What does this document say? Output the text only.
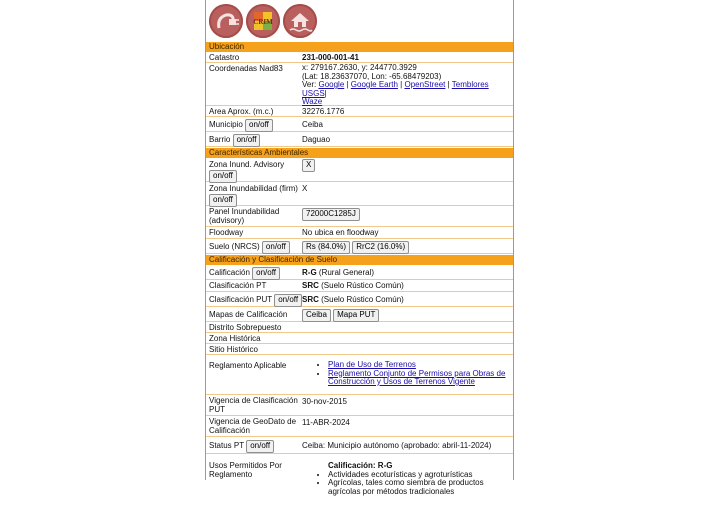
CRIM
Ubicación
Catastro	231-000-001-41
Coordenadas Nad83	x: 279167.2630, y: 244770.3929
(Lat: 18.23637070, Lon: -65.68479203)
Ver: Google | Google Earth | OpenStreet | Temblores USGS|
Waze
Area Aprox. (m.c.)	32276.1776
Municipio on/off	Ceiba
Barrio on/off	Daguao
Características Ambientales
Zona Inund. Advisory
on/off
X
Zona Inundabilidad (firm)
on/off
X
Panel Inundabilidad (advisory)
72000C1285J
Floodway	No ubica en floodway
Suelo (NRCS) on/off	Rs (84.0%) RrC2 (16.0%)
Calificación y Clasificación de Suelo
Calificación on/off	R-G (Rural General)
Clasificación PT	SRC (Suelo Rústico Común)
Clasificación PUT on/off SRC (Suelo Rústico Común)
Mapas de Calificación	Ceiba Mapa PUT
Distrito Sobrepuesto
Zona Histórica
Sitio Histórico
Reglamento Aplicable
•	Plan de Uso de Terrenos
• Reglamento Conjunto de Permisos para Obras de Construcción y Usos de Terrenos Vigente
Vigencia de Clasificación PUT
30-nov-2015
Vigencia de GeoDato de Calificación
11-ABR-2024
Status PT on/off	Ceiba: Municipio autónomo (aprobado: abril-11-2024)
Usos Permitidos Por Reglamento
Calificación: R-G
• Actividades ecoturísticas y agroturísticas
• Agrícolas, tales como siembra de productos agrícolas por métodos tradicionales
